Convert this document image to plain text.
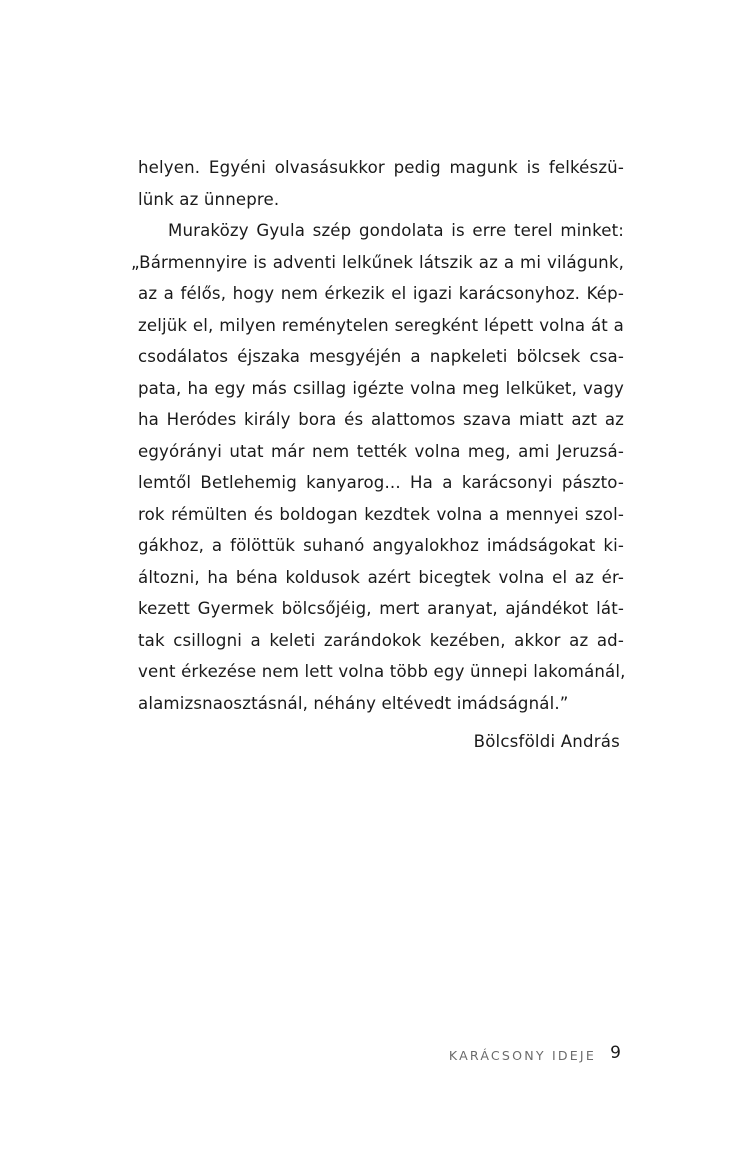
helyen. Egyéni olvasásukkor pedig magunk is felkészü-
lünk az ünnepre.
Muraközy Gyula szép gondolata is erre terel minket:
„Bármennyire is adventi lelkűnek látszik az a mi világunk,
az a félős, hogy nem érkezik el igazi karácsonyhoz. Kép-
zeljük el, milyen reménytelen seregként lépett volna át a
csodálatos éjszaka mesgyéjén a napkeleti bölcsek csa-
pata, ha egy más csillag igézte volna meg lelküket, vagy
ha Heródes király bora és alattomos szava miatt azt az
egyórányi utat már nem tették volna meg, ami Jeruzsá-
lemtől Betlehemig kanyarog... Ha a karácsonyi pászto-
rok rémülten és boldogan kezdtek volna a mennyei szol-
gákhoz, a fölöttük suhanó angyalokhoz imádságokat ki-
áltozni, ha béna koldusok azért bicegtek volna el az ér-
kezett Gyermek bölcsőjéig, mert aranyat, ajándékot lát-
tak csillogni a keleti zarándokok kezében, akkor az ad-
vent érkezése nem lett volna több egy ünnepi lakománál,
alamizsnaosztásnál, néhány eltévedt imádságnál.”
Bölcsföldi András
KARÁCSONY IDEJE 9
